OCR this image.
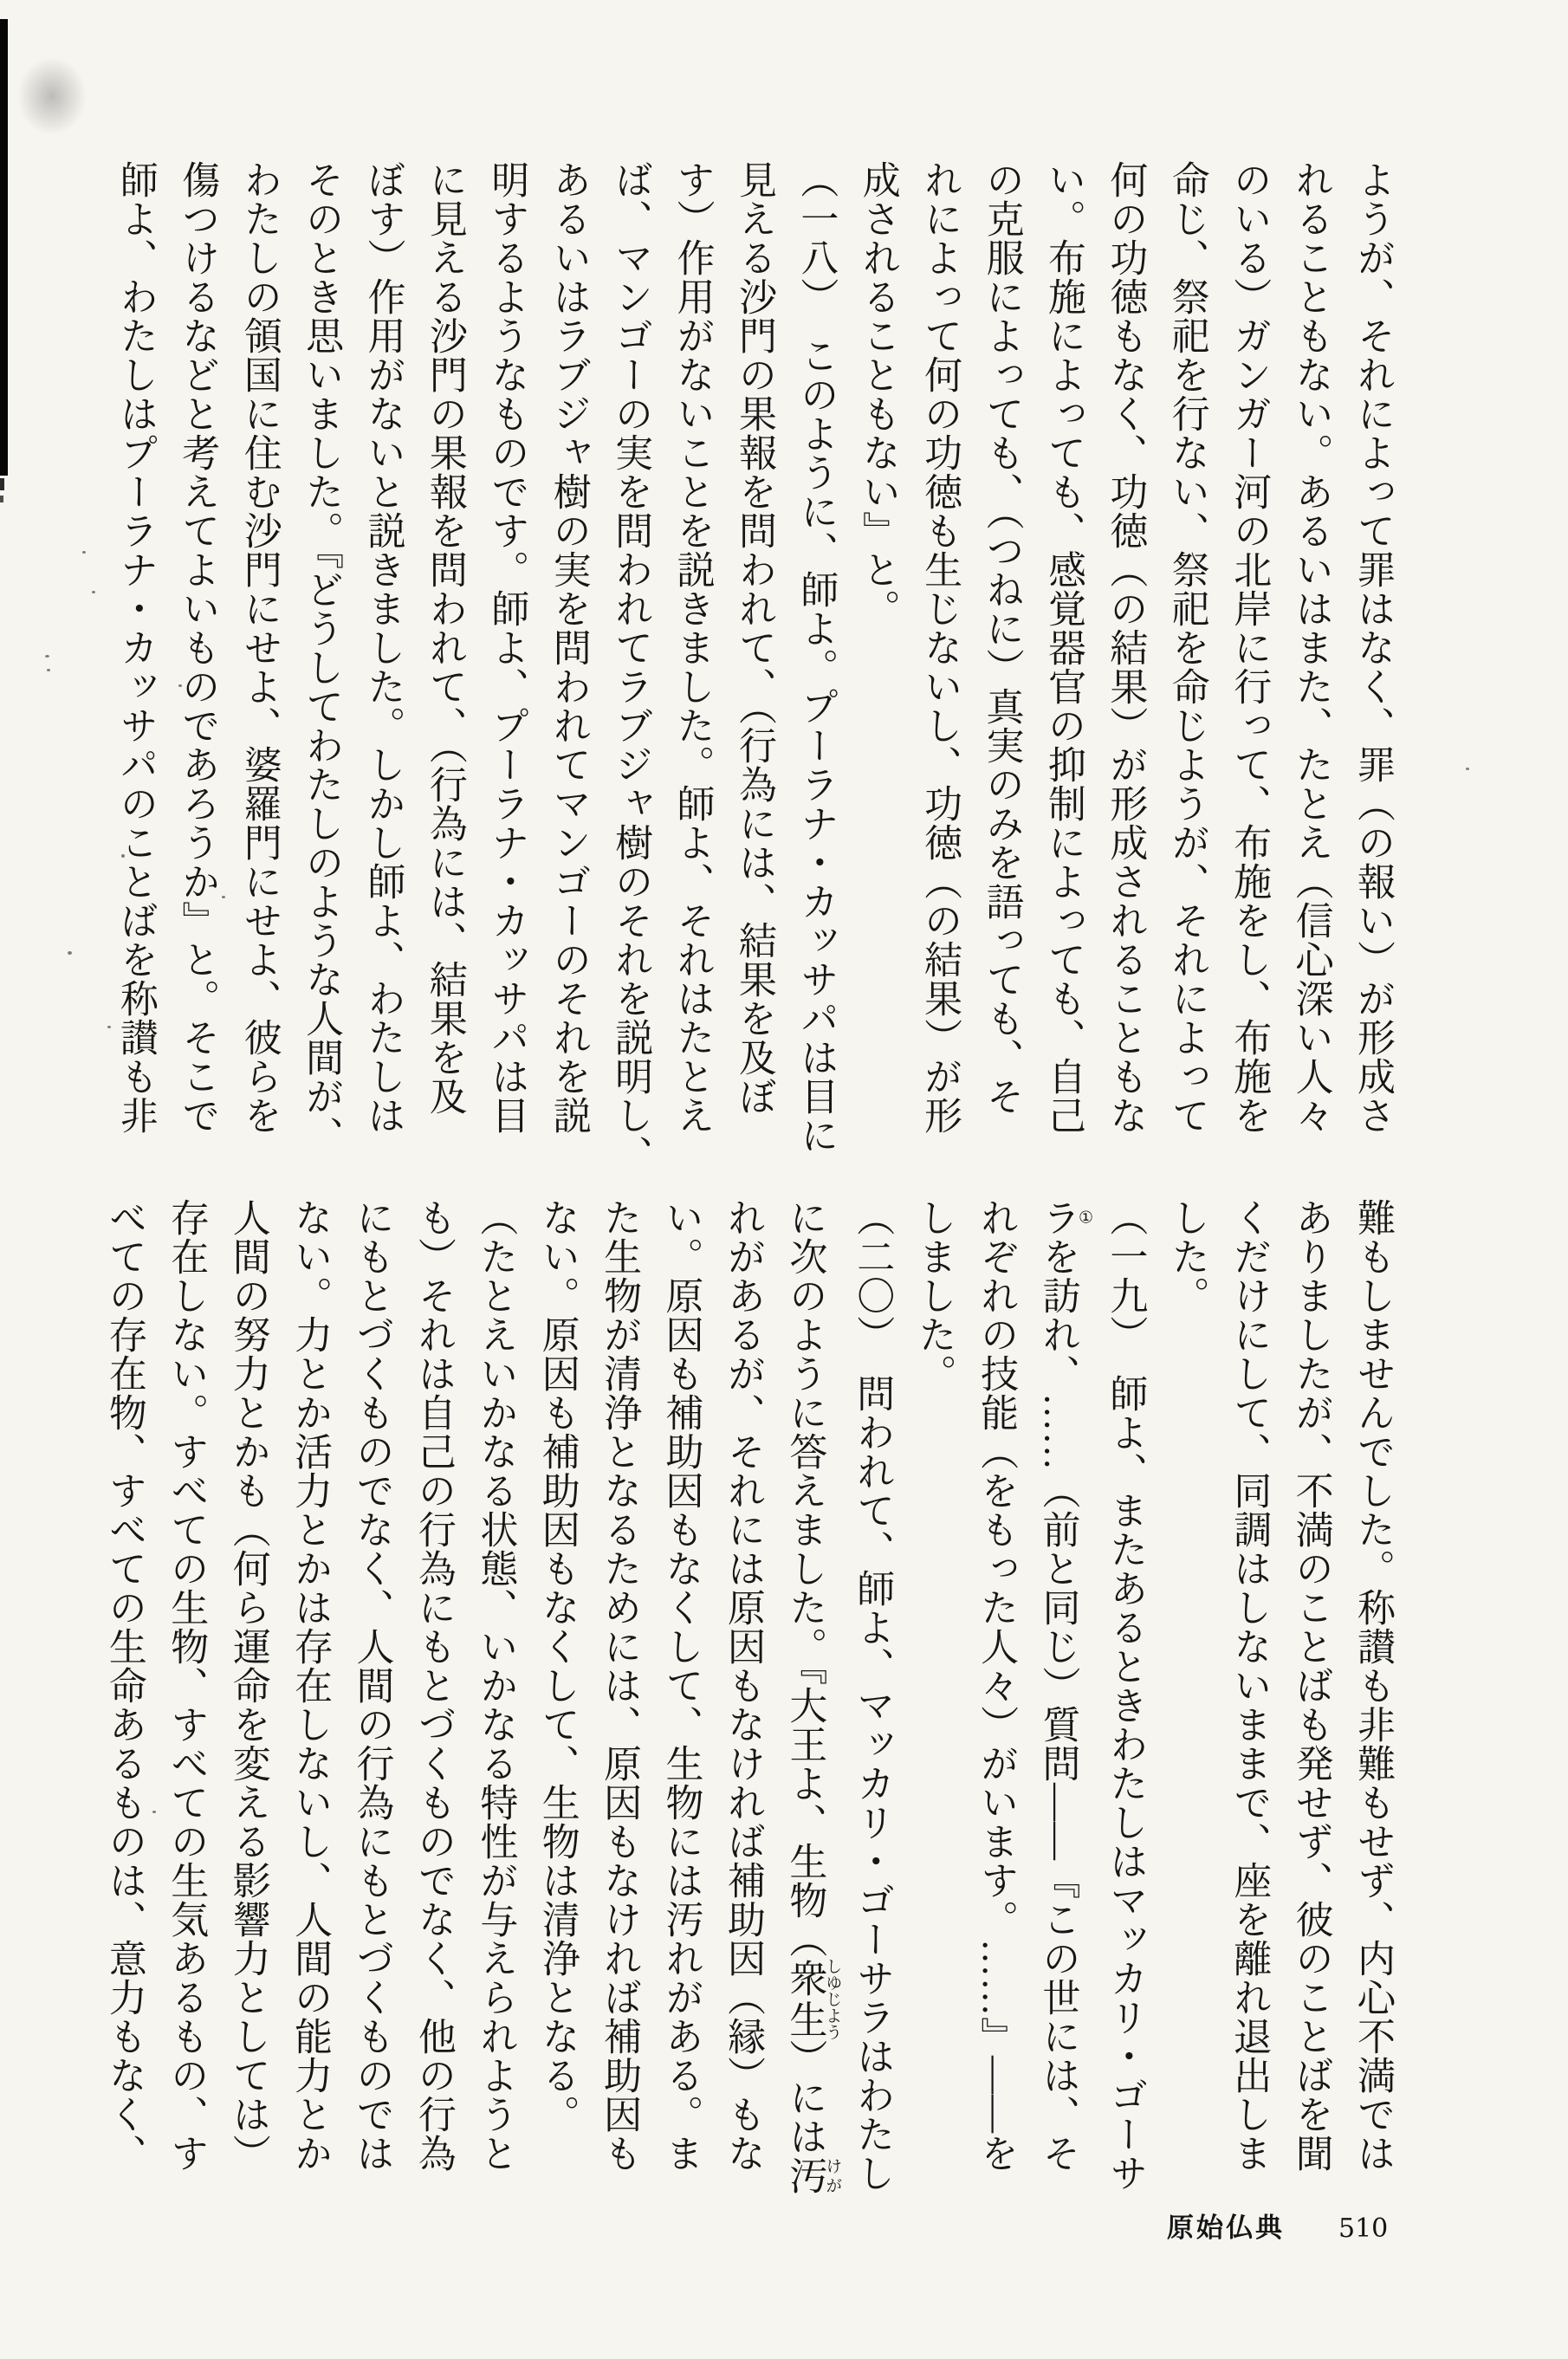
ようが、それによって罪はなく、罪（の報い）が形成さ
れることもない。あるいはまた、たとえ（信心深い人々
のいる）ガンガー河の北岸に行って、布施をし、布施を
命じ、祭祀を行ない、祭祀を命じようが、それによって
何の功徳もなく、功徳（の結果）が形成されることもな
い。布施によっても、感覚器官の抑制によっても、自己
の克服によっても、（つねに）真実のみを語っても、そ
れによって何の功徳も生じないし、功徳（の結果）が形
成されることもない』と。
（一八）　このように、師よ。プーラナ・カッサパは目に
見える沙門の果報を問われて、（行為には、結果を及ぼ
す）作用がないことを説きました。師よ、それはたとえ
ば、マンゴーの実を問われてラブジャ樹のそれを説明し、
あるいはラブジャ樹の実を問われてマンゴーのそれを説
明するようなものです。師よ、プーラナ・カッサパは目
に見える沙門の果報を問われて、（行為には、結果を及
ぼす）作用がないと説きました。しかし師よ、わたしは
そのとき思いました。『どうしてわたしのような人間が、
わたしの領国に住む沙門にせよ、婆羅門にせよ、彼らを
傷つけるなどと考えてよいものであろうか』と。そこで
師よ、わたしはプーラナ・カッサパのことばを称讃も非
難もしませんでした。称讃も非難もせず、内心不満では
ありましたが、不満のことばも発せず、彼のことばを聞
くだけにして、同調はしないままで、座を離れ退出しま
した。
（一九）　師よ、またあるときわたしはマッカリ・ゴーサ
ラ①を訪れ、……（前と同じ）質問――『この世には、そ
れぞれの技能（をもった人々）がいます。……』――を
しました。
（二〇）　問われて、師よ、マッカリ・ゴーサラはわたし
に次のように答えました。『大王よ、生物（衆生しゆじよう）には汚けが
れがあるが、それには原因もなければ補助因（縁）もな
い。原因も補助因もなくして、生物には汚れがある。ま
た生物が清浄となるためには、原因もなければ補助因も
ない。原因も補助因もなくして、生物は清浄となる。
（たとえいかなる状態、いかなる特性が与えられようと
も）それは自己の行為にもとづくものでなく、他の行為
にもとづくものでなく、人間の行為にもとづくものでは
ない。力とか活力とかは存在しないし、人間の能力とか
人間の努力とかも（何ら運命を変える影響力としては）
存在しない。すべての生物、すべての生気あるもの、す
べての存在物、すべての生命あるものは、意力もなく、
原始仏典 510
